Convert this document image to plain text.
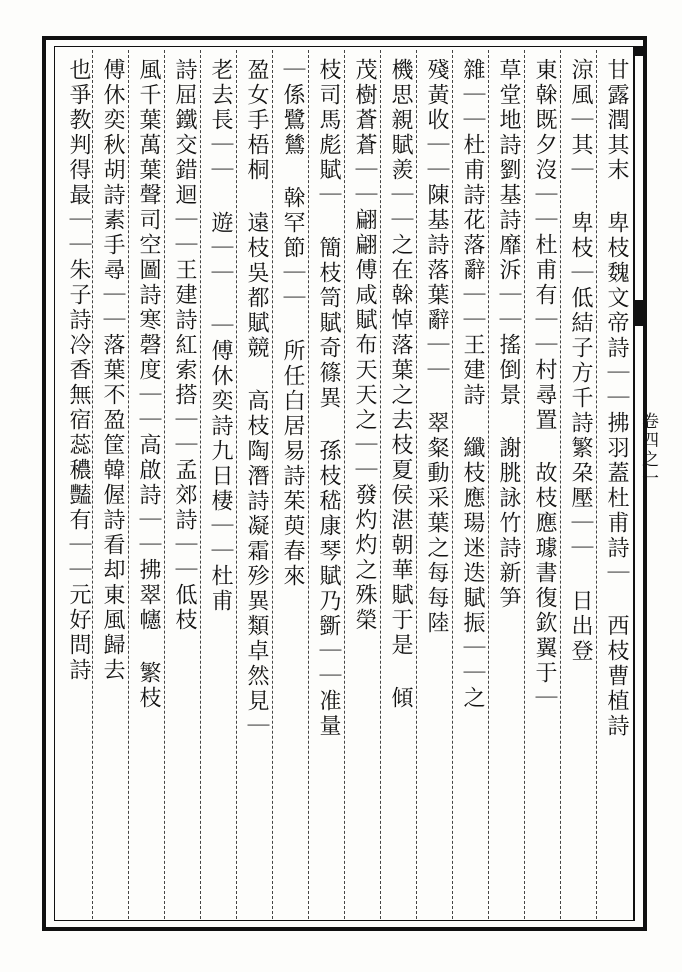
卷四之一
甘露潤其末 卑枝魏文帝詩｜｜拂羽蓋杜甫詩｜ 西枝曹植詩
涼風｜其｜ 卑枝｜低結子方千詩繁朶壓｜｜ 日出登
東榦既夕沒｜｜杜甫有｜｜村尋置 故枝應璩書復欽翼于｜
草堂地詩劉基詩靡泝｜｜搖倒景 謝朓詠竹詩新笋
雜｜｜杜甫詩花落辭｜｜王建詩 纖枝應瑒迷迭賦振｜｜之
殘黃收｜｜陳基詩落葉辭｜｜ 翠粲動采葉之每每陸
機思親賦羨｜｜之在榦悼落葉之去枝夏侯湛朝華賦于是 傾
茂樹蒼蒼｜｜翩翩傅咸賦布天天之｜｜發灼灼之殊榮
枝司馬彪賦｜ 簡枝笥賦奇篠異 孫枝嵇康琴賦乃斵｜｜准量
｜係鷺鷥 榦罕節｜｜ 所任白居易詩茱萸春來
盈女手梧桐 遠枝吳都賦競 高枝陶潛詩凝霜殄異類卓然見｜
老去長｜｜ 遊｜｜ ｜傅休奕詩九日棲｜｜杜甫
詩屈鐵交錯迴｜｜王建詩紅索搭｜｜孟郊詩｜｜低枝
風千葉萬葉聲司空圖詩寒磬度｜｜高啟詩｜｜拂翠幰 繁枝
傅休奕秋胡詩素手尋｜｜落葉不盈筐韓偓詩看却東風歸去
也爭教判得最｜｜朱子詩冷香無宿蕊穠豔有｜｜元好問詩
